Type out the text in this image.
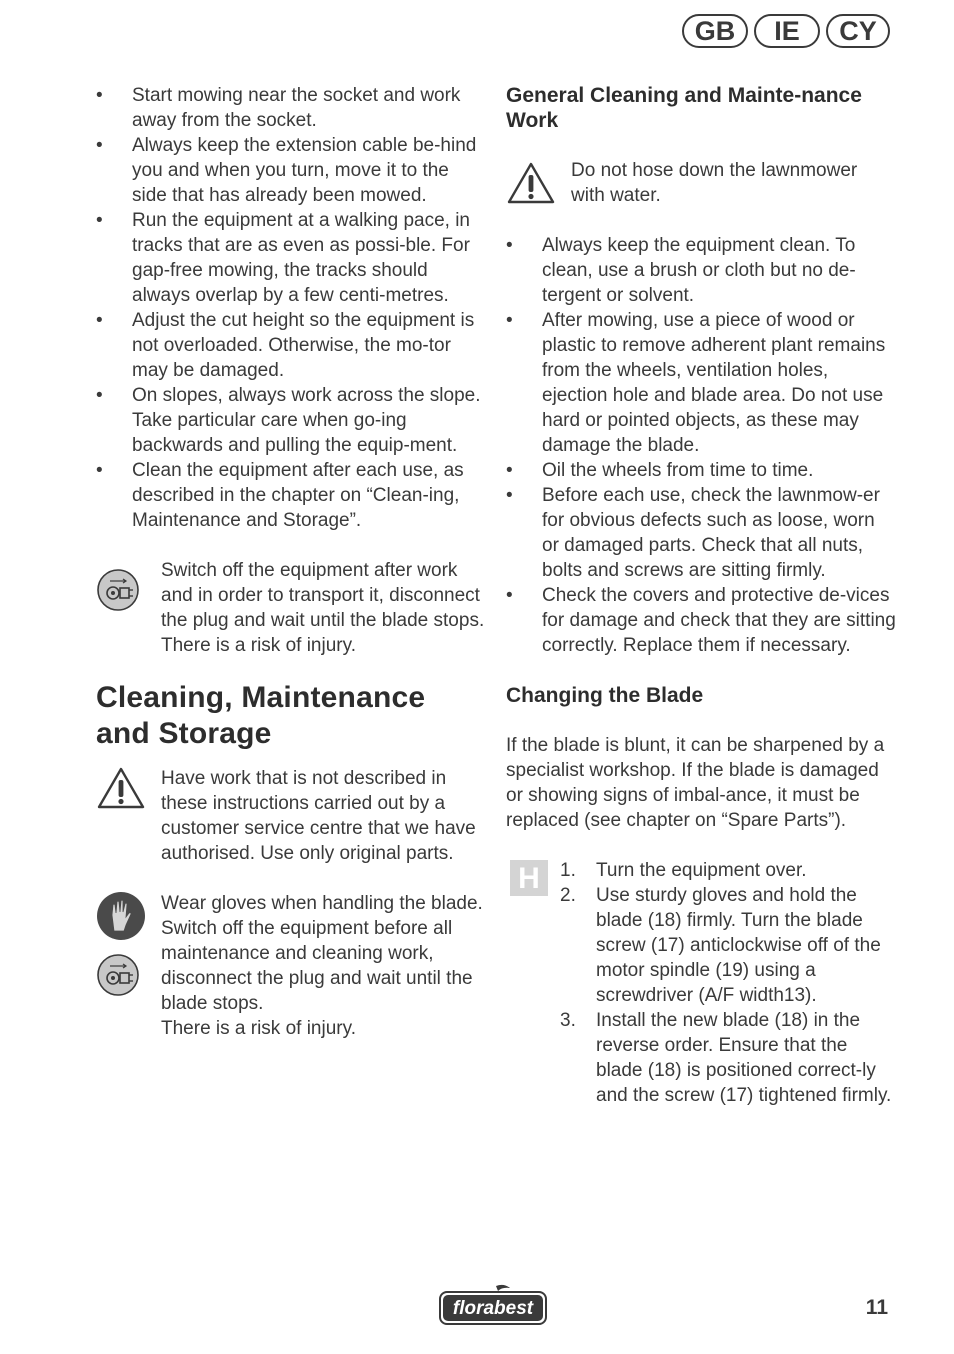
GB	IE	CY
• Start mowing near the socket and work away from the socket.
• Always keep the extension cable be-hind you and when you turn, move it to the side that has already been mowed.
• Run the equipment at a walking pace, in tracks that are as even as possi-ble. For gap-free mowing, the tracks should always overlap by a few centi-metres.
• Adjust the cut height so the equipment is not overloaded. Otherwise, the mo-tor may be damaged.
• On slopes, always work across the slope. Take particular care when go-ing backwards and pulling the equip-ment.
• Clean the equipment after each use, as described in the chapter on “Clean-ing, Maintenance and Storage”.
Switch off the equipment after work and in order to transport it, disconnect the plug and wait until the blade stops. There is a risk of injury.
Cleaning, Maintenance and Storage
Have work that is not described in these instructions carried out by a customer service centre that we have authorised. Use only original parts.
Wear gloves when handling the blade.
Switch off the equipment before all maintenance and cleaning work, disconnect the plug and wait until the blade stops.
There is a risk of injury.
General Cleaning and Mainte-nance Work
Do not hose down the lawnmower with water.
• Always keep the equipment clean. To clean, use a brush or cloth but no de-tergent or solvent.
• After mowing, use a piece of wood or plastic to remove adherent plant remains from the wheels, ventilation holes, ejection hole and blade area. Do not use hard or pointed objects, as these may damage the blade.
• Oil the wheels from time to time.
• Before each use, check the lawnmow-er for obvious defects such as loose, worn or damaged parts. Check that all nuts, bolts and screws are sitting firmly.
• Check the covers and protective de-vices for damage and check that they are sitting correctly. Replace them if necessary.
Changing the Blade
If the blade is blunt, it can be sharpened by a specialist workshop. If the blade is damaged or showing signs of imbal-ance, it must be replaced (see chapter on “Spare Parts”).
H	1. Turn the equipment over.
2. Use sturdy gloves and hold the blade (18) firmly. Turn the blade screw (17) anticlockwise off of the motor spindle (19) using a screwdriver (A/F width13).
3. Install the new blade (18) in the reverse order. Ensure that the blade (18) is positioned correct-ly and the screw (17) tightened firmly.
florabest	11
